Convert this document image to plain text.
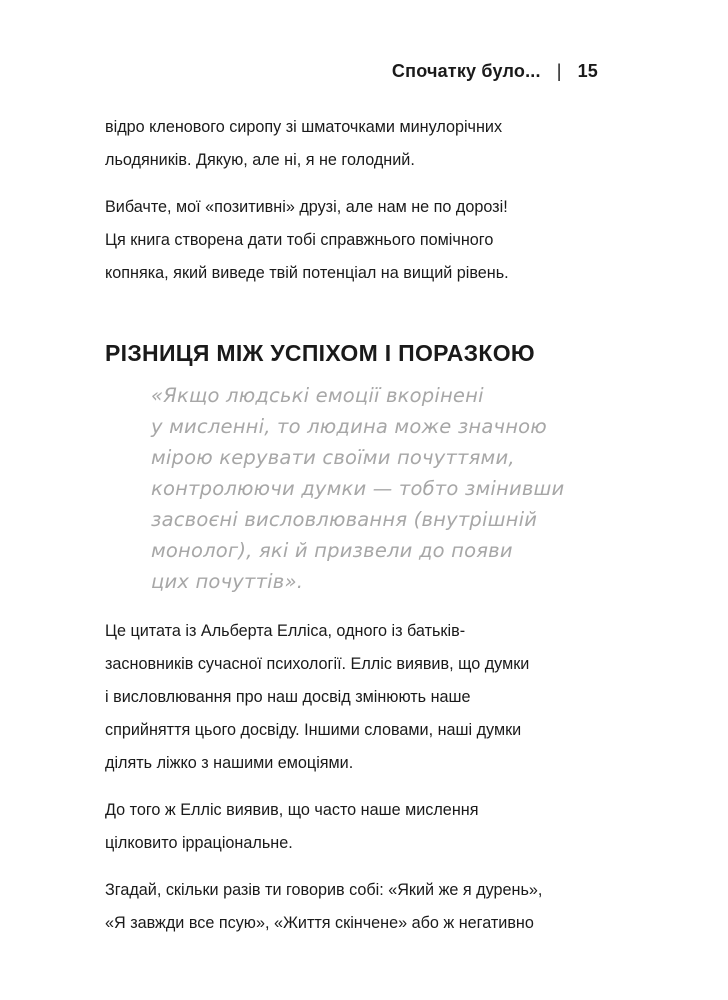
Спочатку було... | 15

відро кленового сиропу зі шматочками минулорічних
льодяників. Дякую, але ні, я не голодний.

Вибачте, мої «позитивні» друзі, але нам не по дорозі!
Ця книга створена дати тобі справжнього помічного
копняка, який виведе твій потенціал на вищий рівень.

РІЗНИЦЯ МІЖ УСПІХОМ І ПОРАЗКОЮ
«Якщо людські емоції вкорінені
у мисленні, то людина може значною
мірою керувати своїми почуттями,
контролюючи думки — тобто змінивши
засвоєні висловлювання (внутрішній
монолог), які й призвели до появи
цих почуттів».

Це цитата із Альберта Елліса, одного із батьків-
засновників сучасної психології. Елліс виявив, що думки
і висловлювання про наш досвід змінюють наше
сприйняття цього досвіду. Іншими словами, наші думки
ділять ліжко з нашими емоціями.

До того ж Елліс виявив, що часто наше мислення
цілковито ірраціональне.

Згадай, скільки разів ти говорив собі: «Який же я дурень»,
«Я завжди все псую», «Життя скінчене» або ж негативно
